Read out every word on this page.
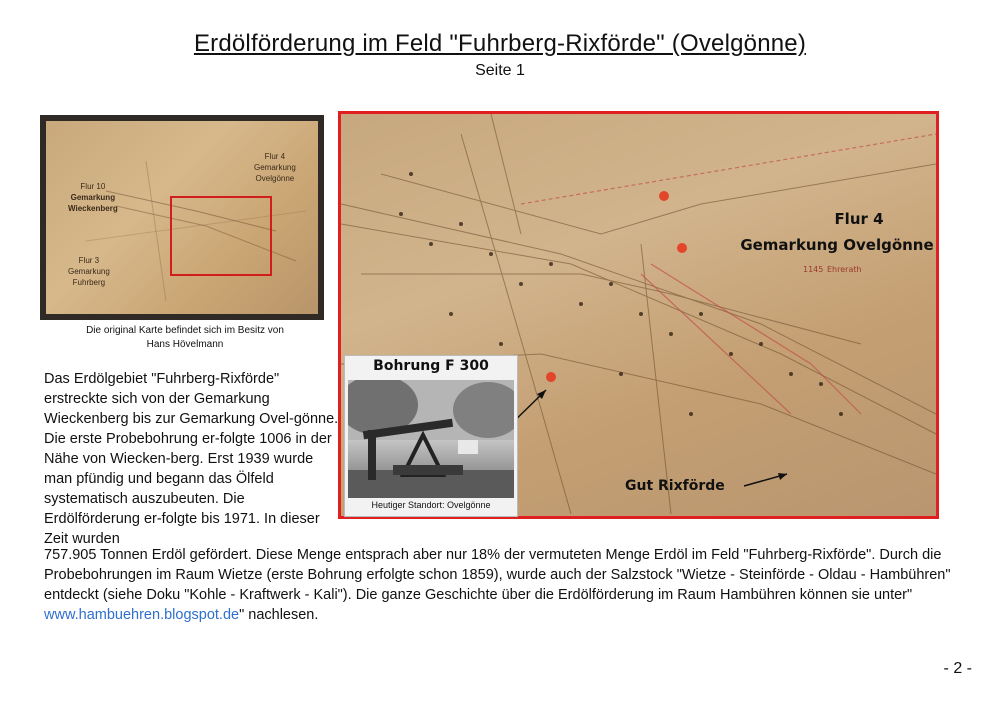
Erdölförderung im Feld "Fuhrberg-Rixförde" (Ovelgönne)
Seite 1
Flur 4
Gemarkung
Ovelgönne
Flur 10
Gemarkung
Wieckenberg
Flur 3
Gemarkung
Fuhrberg
Die original Karte befindet sich im Besitz von
Hans Hövelmann
1145 Ehrerath
Flur 4
Gemarkung Ovelgönne
Gut Rixförde
Bohrung F 300
Heutiger Standort: Ovelgönne
Das Erdölgebiet "Fuhrberg-Rixförde" erstreckte sich von der Gemarkung Wieckenberg bis zur Gemarkung Ovel-gönne. Die erste Probebohrung er-folgte 1006 in der Nähe von Wiecken-berg. Erst 1939 wurde man pfündig und begann das Ölfeld systematisch auszubeuten. Die Erdölförderung er-folgte bis 1971. In dieser Zeit wurden
757.905 Tonnen Erdöl gefördert. Diese Menge entsprach aber nur 18% der vermuteten Menge Erdöl im Feld "Fuhrberg-Rixförde". Durch die Probebohrungen im Raum Wietze (erste Bohrung erfolgte schon 1859), wurde auch der Salzstock "Wietze - Steinförde - Oldau - Hambühren" entdeckt (siehe Doku "Kohle - Kraftwerk - Kali"). Die ganze Geschichte über die Erdölförderung im Raum Hambühren können sie unter" www.hambuehren.blogspot.de" nachlesen.
- 2 -
